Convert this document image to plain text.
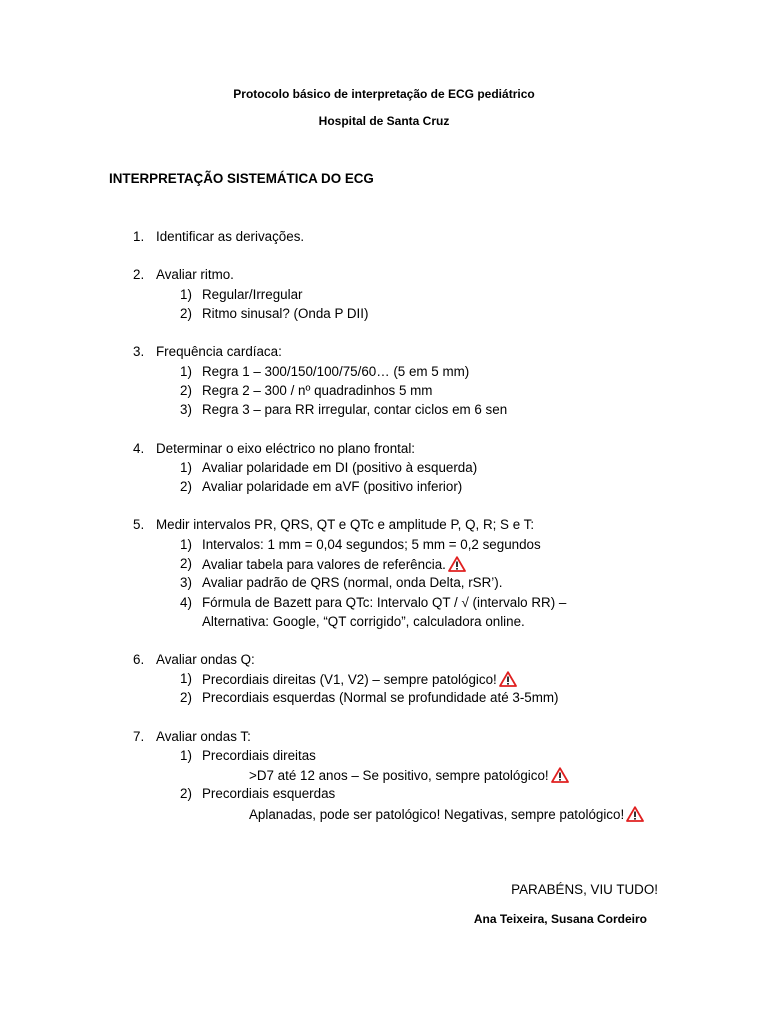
Protocolo básico de interpretação de ECG pediátrico
Hospital de Santa Cruz
INTERPRETAÇÃO SISTEMÁTICA DO ECG
1. Identificar as derivações.
2. Avaliar ritmo.
1) Regular/Irregular
2) Ritmo sinusal? (Onda P DII)
3. Frequência cardíaca:
1) Regra 1 – 300/150/100/75/60… (5 em 5 mm)
2) Regra 2 – 300 / nº quadradinhos 5 mm
3) Regra 3 – para RR irregular, contar ciclos em 6 sen
4. Determinar o eixo eléctrico no plano frontal:
1) Avaliar polaridade em DI (positivo à esquerda)
2) Avaliar polaridade em aVF (positivo inferior)
5. Medir intervalos PR, QRS, QT e QTc e amplitude P, Q, R; S e T:
1) Intervalos: 1 mm = 0,04 segundos; 5 mm = 0,2 segundos
2) Avaliar tabela para valores de referência.
3) Avaliar padrão de QRS (normal, onda Delta, rSR’).
4) Fórmula de Bazett para QTc: Intervalo QT / √ (intervalo RR) –
Alternativa: Google, “QT corrigido”, calculadora online.
6. Avaliar ondas Q:
1) Precordiais direitas (V1, V2) – sempre patológico!
2) Precordiais esquerdas (Normal se profundidade até 3-5mm)
7. Avaliar ondas T:
1) Precordiais direitas
>D7 até 12 anos – Se positivo, sempre patológico!
2) Precordiais esquerdas
Aplanadas, pode ser patológico! Negativas, sempre patológico!
PARABÉNS, VIU TUDO!
Ana Teixeira, Susana Cordeiro
